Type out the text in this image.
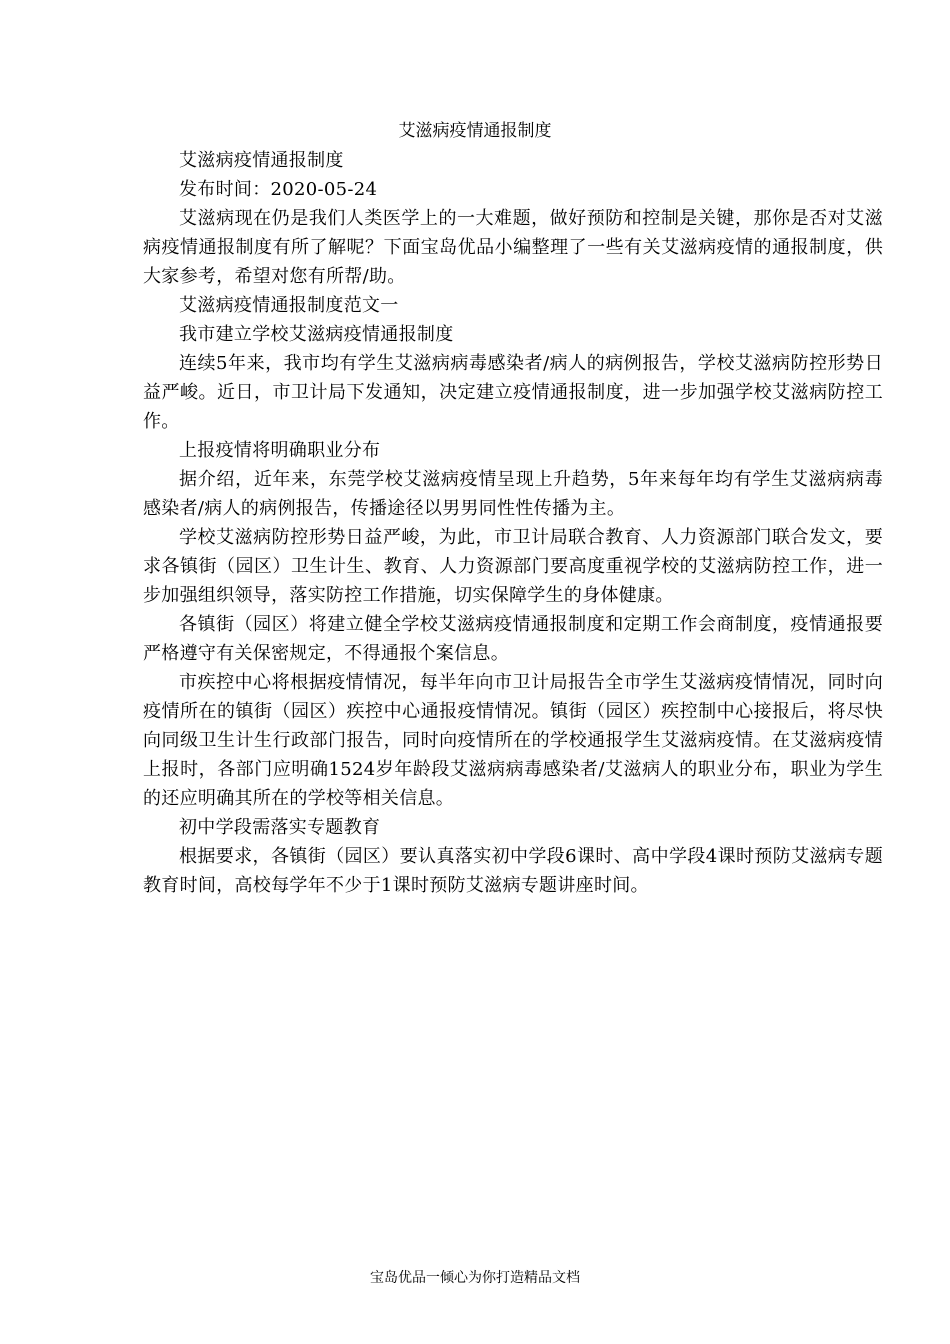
艾滋病疫情通报制度

艾滋病疫情通报制度

发布时间：2020-05-24

艾滋病现在仍是我们人类医学上的一大难题，做好预防和控制是关键，那你是否对艾滋病疫情通报制度有所了解呢？下面宝岛优品小编整理了一些有关艾滋病疫情的通报制度，供大家参考，希望对您有所帮/助。

艾滋病疫情通报制度范文一

我市建立学校艾滋病疫情通报制度

连续5年来，我市均有学生艾滋病病毒感染者/病人的病例报告，学校艾滋病防控形势日益严峻。近日，市卫计局下发通知，决定建立疫情通报制度，进一步加强学校艾滋病防控工作。

上报疫情将明确职业分布

据介绍，近年来，东莞学校艾滋病疫情呈现上升趋势，5年来每年均有学生艾滋病病毒感染者/病人的病例报告，传播途径以男男同性性传播为主。

学校艾滋病防控形势日益严峻，为此，市卫计局联合教育、人力资源部门联合发文，要求各镇街（园区）卫生计生、教育、人力资源部门要高度重视学校的艾滋病防控工作，进一步加强组织领导，落实防控工作措施，切实保障学生的身体健康。

各镇街（园区）将建立健全学校艾滋病疫情通报制度和定期工作会商制度，疫情通报要严格遵守有关保密规定，不得通报个案信息。

市疾控中心将根据疫情情况，每半年向市卫计局报告全市学生艾滋病疫情情况，同时向疫情所在的镇街（园区）疾控中心通报疫情情况。镇街（园区）疾控制中心接报后，将尽快向同级卫生计生行政部门报告，同时向疫情所在的学校通报学生艾滋病疫情。在艾滋病疫情上报时，各部门应明确1524岁年龄段艾滋病病毒感染者/艾滋病人的职业分布，职业为学生的还应明确其所在的学校等相关信息。

初中学段需落实专题教育

根据要求，各镇街（园区）要认真落实初中学段6课时、高中学段4课时预防艾滋病专题教育时间，高校每学年不少于1课时预防艾滋病专题讲座时间。

宝岛优品一倾心为你打造精品文档
